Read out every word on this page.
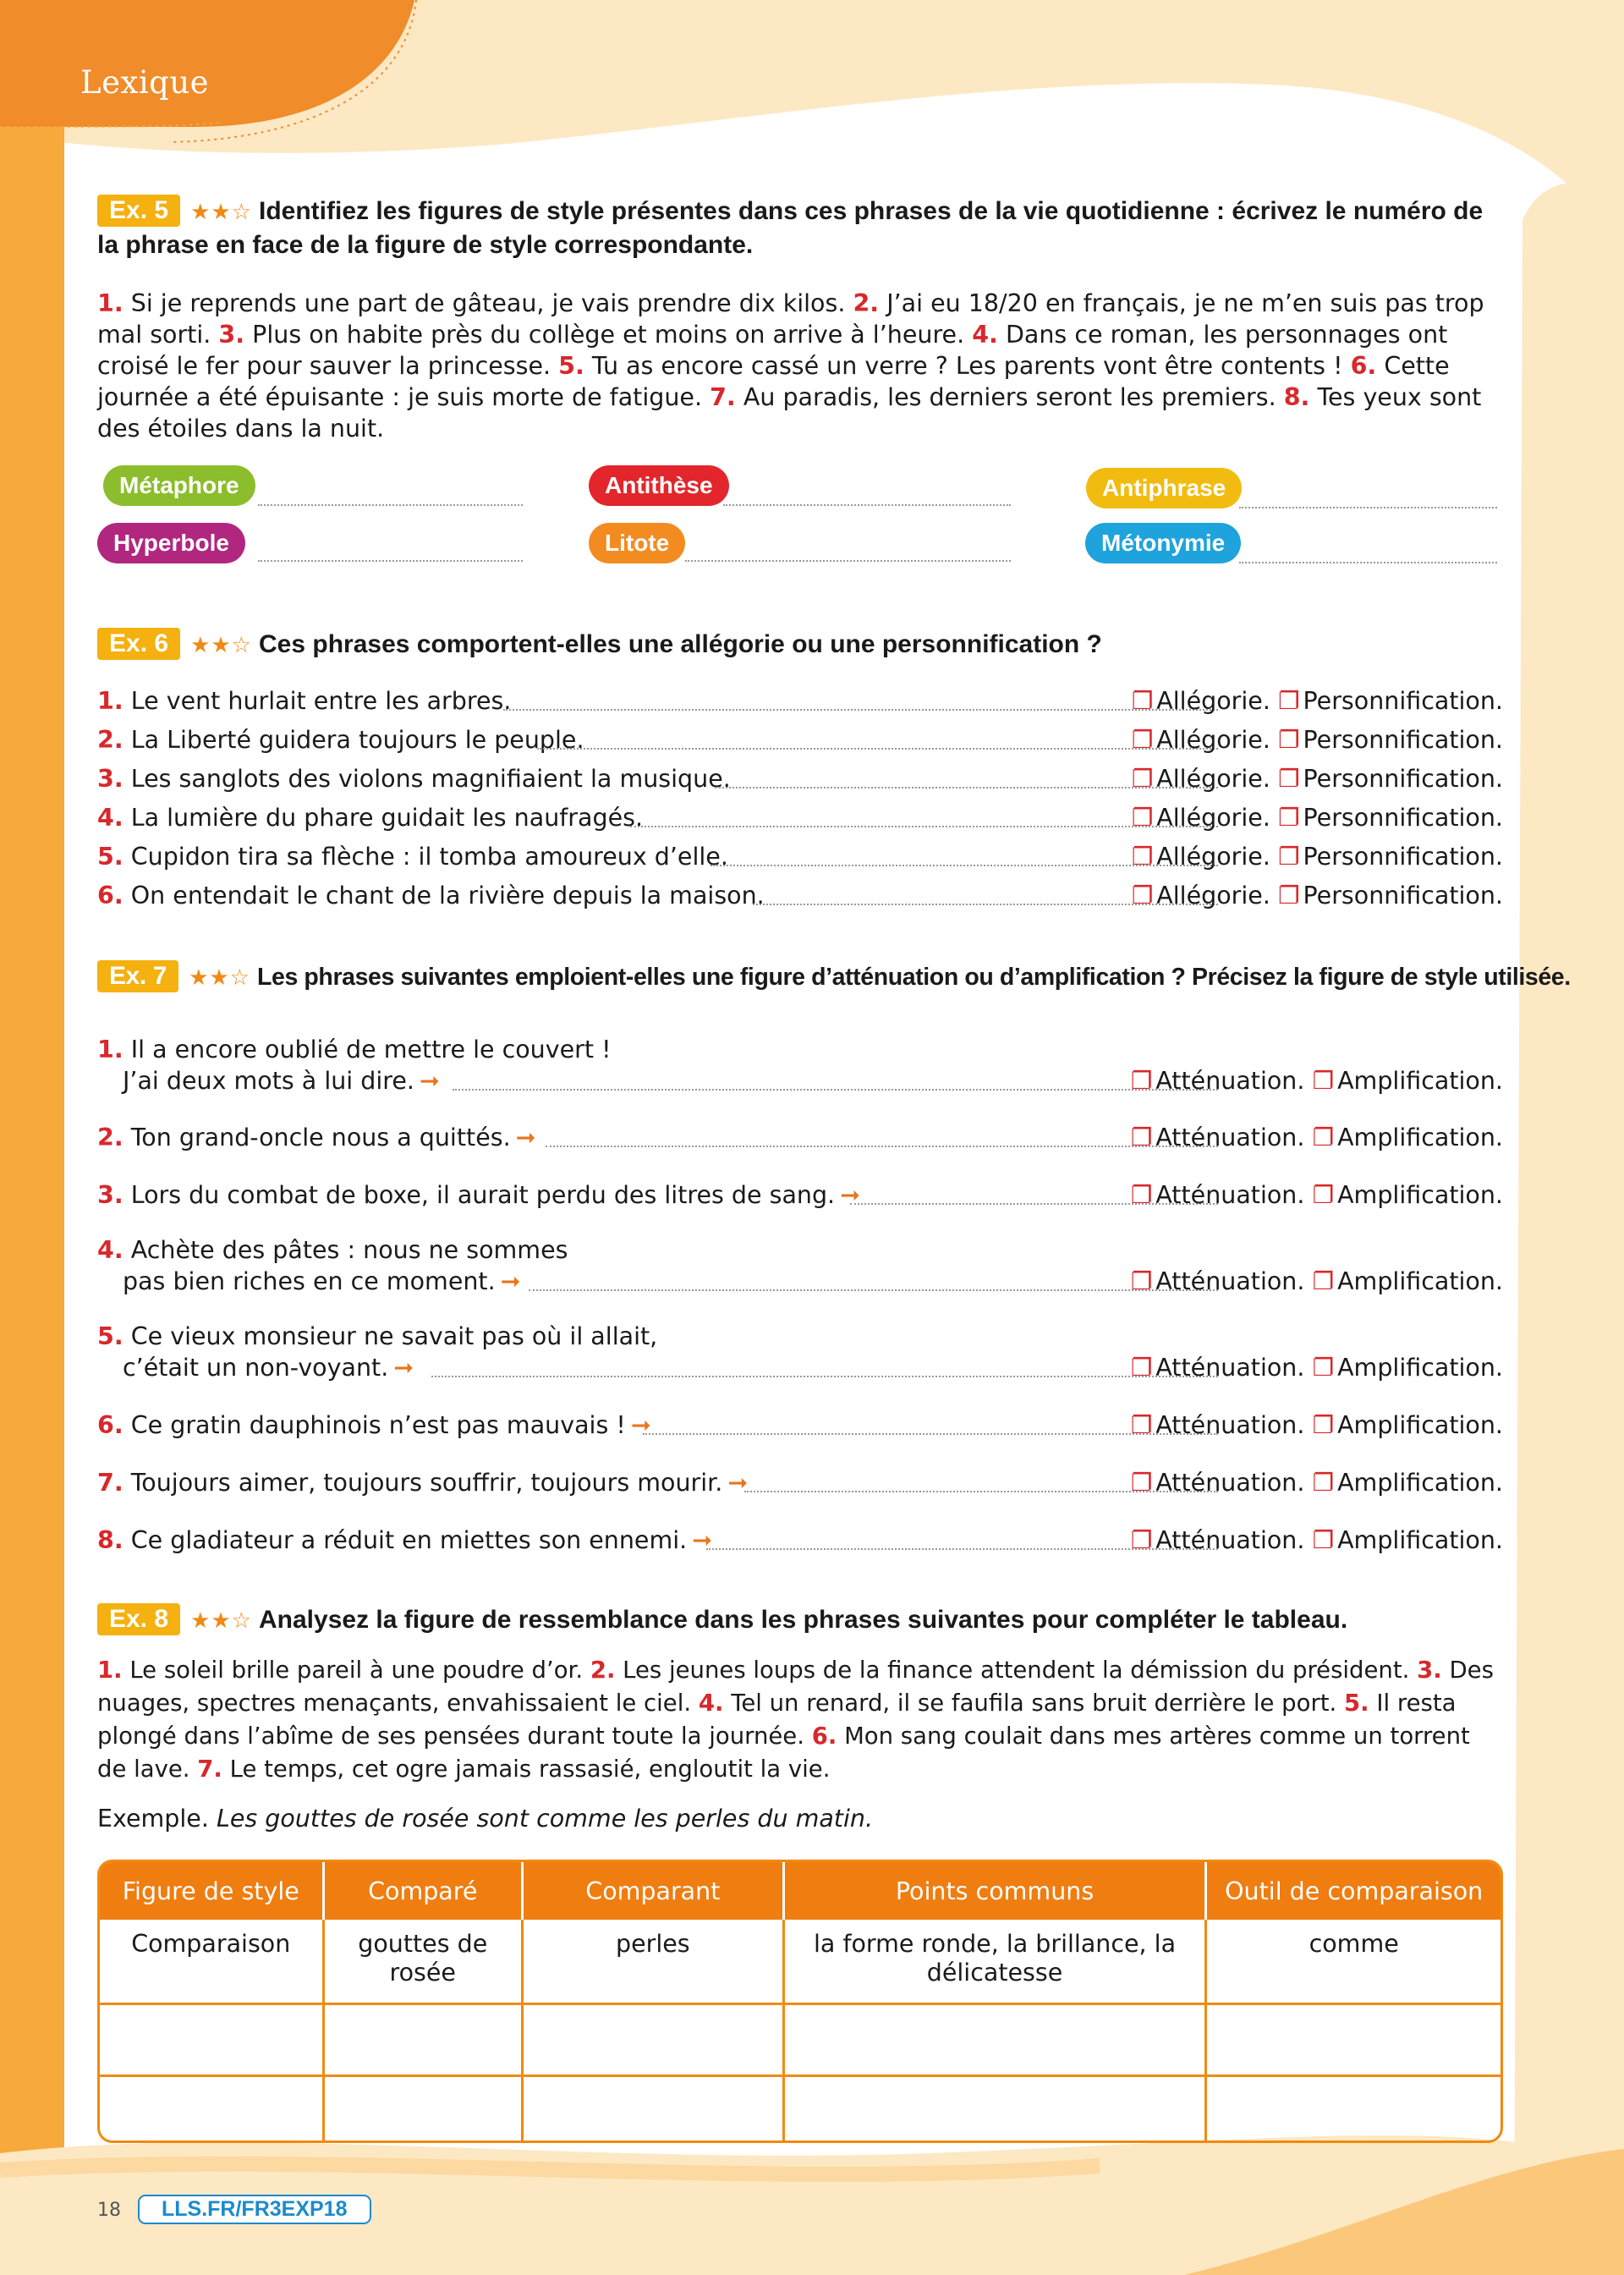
Lexique
Ex. 5 ★★☆ Identifiez les figures de style présentes dans ces phrases de la vie quotidienne : écrivez le numéro de la phrase en face de la figure de style correspondante.
1. Si je reprends une part de gâteau, je vais prendre dix kilos. 2. J’ai eu 18/20 en français, je ne m’en suis pas trop mal sorti. 3. Plus on habite près du collège et moins on arrive à l’heure. 4. Dans ce roman, les personnages ont croisé le fer pour sauver la princesse. 5. Tu as encore cassé un verre ? Les parents vont être contents ! 6. Cette journée a été épuisante : je suis morte de fatigue. 7. Au paradis, les derniers seront les premiers. 8. Tes yeux sont des étoiles dans la nuit.
Métaphore	Antithèse	Antiphrase
Hyperbole	Litote	Métonymie
Ex. 6 ★★☆ Ces phrases comportent-elles une allégorie ou une personnification ?
1. Le vent hurlait entre les arbres.	❐ Allégorie. ❐ Personnification.
2. La Liberté guidera toujours le peuple.	❐ Allégorie. ❐ Personnification.
3. Les sanglots des violons magnifiaient la musique.	❐ Allégorie. ❐ Personnification.
4. La lumière du phare guidait les naufragés.	❐ Allégorie. ❐ Personnification.
5. Cupidon tira sa flèche : il tomba amoureux d’elle.	❐ Allégorie. ❐ Personnification.
6. On entendait le chant de la rivière depuis la maison.	❐ Allégorie. ❐ Personnification.
Ex. 7 ★★☆ Les phrases suivantes emploient-elles une figure d’atténuation ou d’amplification ? Précisez la figure de style utilisée.
1. Il a encore oublié de mettre le couvert !
J’ai deux mots à lui dire. ➞	❐ Atténuation. ❐ Amplification.
2. Ton grand-oncle nous a quittés. ➞	❐ Atténuation. ❐ Amplification.
3. Lors du combat de boxe, il aurait perdu des litres de sang. ➞	❐ Atténuation. ❐ Amplification.
4. Achète des pâtes : nous ne sommes
pas bien riches en ce moment. ➞	❐ Atténuation. ❐ Amplification.
5. Ce vieux monsieur ne savait pas où il allait,
c’était un non-voyant. ➞	❐ Atténuation. ❐ Amplification.
6. Ce gratin dauphinois n’est pas mauvais ! ➞	❐ Atténuation. ❐ Amplification.
7. Toujours aimer, toujours souffrir, toujours mourir. ➞	❐ Atténuation. ❐ Amplification.
8. Ce gladiateur a réduit en miettes son ennemi. ➞	❐ Atténuation. ❐ Amplification.
Ex. 8 ★★☆ Analysez la figure de ressemblance dans les phrases suivantes pour compléter le tableau.
1. Le soleil brille pareil à une poudre d’or. 2. Les jeunes loups de la finance attendent la démission du président. 3. Des nuages, spectres menaçants, envahissaient le ciel. 4. Tel un renard, il se faufila sans bruit derrière le port. 5. Il resta plongé dans l’abîme de ses pensées durant toute la journée. 6. Mon sang coulait dans mes artères comme un torrent de lave. 7. Le temps, cet ogre jamais rassasié, engloutit la vie.
Exemple. Les gouttes de rosée sont comme les perles du matin.
Figure de style	Comparé	Comparant	Points communs	Outil de comparaison
Comparaison	gouttes de rosée	perles	la forme ronde, la brillance, la délicatesse	comme

18	LLS.FR/FR3EXP18
